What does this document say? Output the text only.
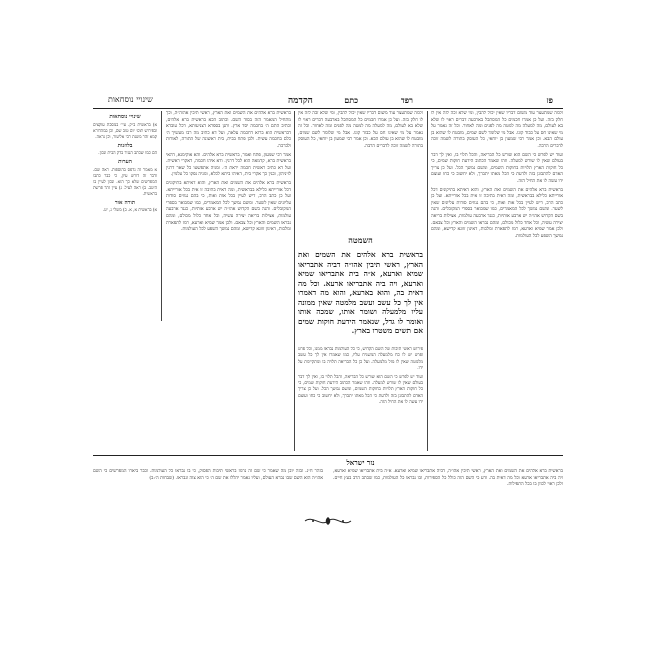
פז
רפד
כתם
הקדמה
שינויי נוסחאות
שינויי נוסחאות

א) בראשית ב״ק. עיי׳ במסכת עוקצים ובפירוש תוס׳ יום טוב שם, וכן במהדורא קמא זהר משנת רבי אליעזר, וכן נראה.

בלוזנות

הם כמו שכתב הנגיד בדק הבית ונכון.

הערות

א מאמר זה נדפס בהוספות. ראה שם. ודבר זה דורש עיון, כי כבר כתבו המפרשים שלא כך הוא. ונכון לעיין בו היטב. ב) ראה לעיל. ג) עיין זהר פרשת בראשית.

תורה אור

א) בראשית א, א. ב) משלי ג, יט.

בראשית ברא אלהים את השמים ואת הארץ, ראשי תיבין אהוה״ה, וכך מתחיל המאמר הזה בסוד השם. וכתוב הכא בראשית ברא אלהים, וכתיב התם ה׳ בחכמה יסד ארץ. ותנן בספרא דצניעותא, דכל עובדא דבראשית הוא ברזא דחכמה עלאה, ועל דא כתיב מה רבו מעשיך ה׳ כלם בחכמה עשית. ולכן פתח בבית, בית ראשונה של התורה, לאורות ולברכה.

אמר רבי שמעון, פתח ואמר, בראשית ברא אלהים. והא אוקימנא, דהאי בראשית ברא, קדמאה הוא לכל דרגין. ודא איהו חכמה, דאקרי ראשית. ועל דא כתיב ראשית חכמה יראת ה׳. ומניה אתפשטו כל שאר דרגין לזיניהון, ובגין כך אקרי בית, דאיהו ביתא לכלא, ומניה נפקו כל עלמין.

בראשית ברא אלהים את השמים ואת הארץ, והוא דאיתא בתיקונים דכל אורייתא כלילא בבראשית, ומה דאית בתיבה זו אית בכל אורייתא. ועל כן כתב הרב, דיש לעיין בכל אות ואות, כי בהם גנוזים סודות עליונים שאין לשער. ומשם נמשך לכל המאמרים, כמו שמבואר בספרי המקובלים. והנה בשם הקדוש אהו״ה יש ארבע אותיות, כנגד ארבעה עולמות, אצילות בריאה יצירה עשיה, וכל אחד כלול מכולם, ומהם נבראו השמים והארץ וכל צבאם. ולכן אמר שמיא וארעא, רמז לתפארת ומלכות, דאינון זווגא קדישא, ומהם נמשך השפע לכל העולמות.

ולמה שמתעצר עוד משום דבריו שאין יכול להבין, ומי שלא זכה לזה אין לו חלק בזה. ועל כן אמרו חכמים כל המסתכל בארבעה דברים ראוי לו שלא בא לעולם, מה למעלה מה למטה מה לפנים ומה לאחור. וכל זה נאמר על מי שאינו חס על כבוד קונו. אבל מי שלומד לשם שמים, מובטח לו שהוא בן עולם הבא. וכן אמר רבי שמעון בן יוחאי, כל העוסק בתורה לשמה זוכה לדברים הרבה.

השמטה
בראשית ברא אלהים את השמים ואת הארץ, ראשי תיבין אהו״ה דביה אתבריאו שמיא וארעא, א״ה בית אתבריאו שמיא וארעא, ויה ביה אתבריאו ארעא. וכל מה דאית בה, והוא בארעא, והוא מה דאמרו אין לך כל עשב ועשב מלמטה שאין ממונה עליו מלמעלה ושומר אותו, שמכה אותו ואומר לו גדל, שנאמר הידעת חוקות שמים אם תשים משטרו בארץ.

פירוש ראשי תיבות של השם הקדוש, כי כל העולמות נבראו ממנו, וכל פרט ופרט יש לו כח מלמעלה המשגיח עליו, כמו שאמרו אין לך כל עשב מלמטה שאין לו מזל מלמעלה. ועל כן כל הבריאה תלויה בו ומתקיימת על ידו.

ועוד יש לפרש כי השם הוא שורש כל הבריאה, והכל תלוי בו, ואין לך דבר בעולם שאין לו שורש למעלה. וזהו שאמר הכתוב הידעת חוקות שמים, כי כל חוקות הארץ תלויות בחוקות השמים, ומשם נמשך הכל. ועל כן צריך האדם להתבונן בזה ולדעת כי הכל מאתו יתברך, ולא יחשוב כי כחו ועוצם ידו עשה לו את החיל הזה.

ולמה שמתעצר עוד משום דבריו שאין יכול להבין, ומי שלא זכה לזה אין לו חלק בזה. ועל כן אמרו חכמים כל המסתכל בארבעה דברים ראוי לו שלא בא לעולם, מה למעלה מה למטה מה לפנים ומה לאחור. וכל זה נאמר על מי שאינו חס על כבוד קונו. אבל מי שלומד לשם שמים, מובטח לו שהוא בן עולם הבא. וכן אמר רבי שמעון בן יוחאי, כל העוסק בתורה לשמה זוכה לדברים הרבה.

ועוד יש לפרש כי השם הוא שורש כל הבריאה, והכל תלוי בו, ואין לך דבר בעולם שאין לו שורש למעלה. וזהו שאמר הכתוב הידעת חוקות שמים, כי כל חוקות הארץ תלויות בחוקות השמים, ומשם נמשך הכל. ועל כן צריך האדם להתבונן בזה ולדעת כי הכל מאתו יתברך, ולא יחשוב כי כחו ועוצם ידו עשה לו את החיל הזה.

בראשית ברא אלהים את השמים ואת הארץ, והוא דאיתא בתיקונים דכל אורייתא כלילא בבראשית, ומה דאית בתיבה זו אית בכל אורייתא. ועל כן כתב הרב, דיש לעיין בכל אות ואות, כי בהם גנוזים סודות עליונים שאין לשער. ומשם נמשך לכל המאמרים, כמו שמבואר בספרי המקובלים. והנה בשם הקדוש אהו״ה יש ארבע אותיות, כנגד ארבעה עולמות, אצילות בריאה יצירה עשיה, וכל אחד כלול מכולם, ומהם נבראו השמים והארץ וכל צבאם. ולכן אמר שמיא וארעא, רמז לתפארת ומלכות, דאינון זווגא קדישא, ומהם נמשך השפע לכל העולמות.

נזר ישראל

בראשית ברא אלהים את השמים ואת הארץ, ראשי תיבין אהו״ה, דביה אתבריאו שמיא וארעא. א״ה בית אתבריאו שמיא וארעא, ויה ביה אתבריאו ארעא וכל מה דאית בה. ודע כי השם הזה כולל כל הספירות, ובו נבראו כל העולמות, כמו שכתב הרב בעץ חיים. ולכן ראוי לכוון בו בכל התפילות.

בזהר ח״ג. ובזה יובן מה שאמר כי שם זה נרמז בראשי תיבות הפסוק, כי בו נבראו כל העולמות. וכבר ביארו המפרשים כי השם אהו״ה הוא השם שבו נברא העולם, ועליו נאמר יהללו את שם ה׳ כי הוא צוה ונבראו. (שבחות ה׳:ב)
